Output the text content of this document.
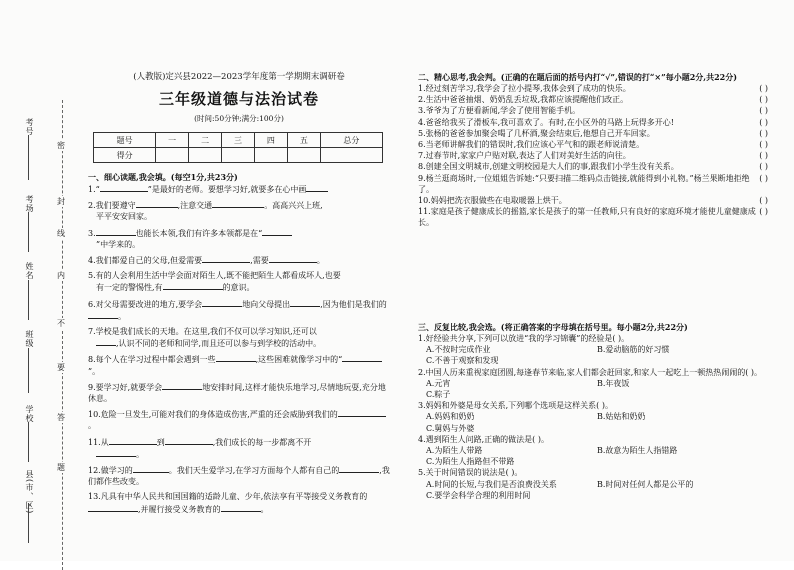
考号
考场
姓名
班级
学校
县(市、区)
密
封
线
内
不
要
答
题
(人教版)定兴县2022—2023学年度第一学期期末调研卷
三年级道德与法治试卷
(时间:50分钟;满分:100分)
题号	一	二	三	四	五	总分
得分						
一、细心读题,我会填。(每空1分,共23分)
1.“	”是最好的老师。要想学习好,就要多在心中画
2.我们要遵守	,注意交通	。高高兴兴上班,
平平安安回家。
3.	也能长本领,我们有许多本领都是在“
”中学来的。
4.我们都爱自己的父母,但爱需要	,需要	。
5.有的人会利用生活中学会面对陌生人,既不能把陌生人都看成坏人,也要
有一定的警惕性,有	的意识。
6.对父母需要改进的地方,要学会	地向父母提出	,因为他们是我们的。
7.学校是我们成长的天地。在这里,我们不仅可以学习知识,还可以
,认识不同的老师和同学,而且还可以参与到学校的活动中。
8.每个人在学习过程中都会遇到一些	,这些困难就像学习中的“”。
9.要学习好,就要学会	地安排时间,这样才能快乐地学习,尽情地玩耍,充分地休息。
10.危险一旦发生,可能对我们的身体造成伤害,严重的还会威胁到我们的。
11.从	到	,我们成长的每一步都离不开
。
12.做学习的	。我们天生爱学习,在学习方面每个人都有自己的	,我们都作些改变。
13.凡具有中华人民共和国国籍的适龄儿童、少年,依法享有平等接受义务教育的,并履行接受义务教育的	。
二、精心思考,我会判。(正确的在题后面的括号内打“√”,错误的打“×”每小题2分,共22分)
( )
1.经过刻苦学习,我学会了拉小提琴,我体会到了成功的快乐。
( )
2.生活中爸爸抽烟、奶奶乱丢垃圾,我都应该提醒他们改正。
( )
3.爷爷为了方便看新闻,学会了使用智能手机。
( )
4.爸爸给我买了滑板车,我可喜欢了。有时,在小区外的马路上玩得多开心!
( )
5.张杨的爸爸参加聚会喝了几杯酒,聚会结束后,他想自己开车回家。
( )
6.当老师讲解我们的错误时,我们应该心平气和的跟老师说清楚。
( )
7.过春节时,家家户户贴对联,表达了人们对美好生活的向往。
( )
8.创建全国文明城市,创建文明校园是大人们的事,跟我们小学生没有关系。
( )
9.杨兰逛商场时,一位姐姐告诉她:“只要扫描二维码点击链接,就能得到小礼物。”杨兰果断地拒绝了。
( )
10.妈妈把洗衣服做些在电取暖器上烘干。
( )
11.家庭是孩子健康成长的摇篮,家长是孩子的第一任教师,只有良好的家庭环境才能使儿童健康成长。
三、反复比较,我会选。(将正确答案的字母填在括号里。每小题2分,共22分)
1.好经验共分享,下列可以放进“我的学习锦囊”的经验是( )。
A.不按时完成作业	B.爱动脑筋的好习惯
C.不善于观察和发现
2.中国人历来重视家庭团圆,每逢春节来临,家人们都会赶回家,和家人一起吃上一顿热热闹闹的( )。
A.元宵	B.年夜饭
C.粽子
3.妈妈和外婆是母女关系,下列哪个选项是这样关系( )。
A.妈妈和奶奶	B.姑姑和奶奶
C.舅妈与外婆
4.遇到陌生人问路,正确的做法是( )。
A.为陌生人带路	B.故意为陌生人指错路
C.为陌生人指路但不带路
5.关于时间错误的说法是( )。
A.时间的长短,与我们是否浪费没关系	B.时间对任何人都是公平的
C.要学会科学合理的利用时间
